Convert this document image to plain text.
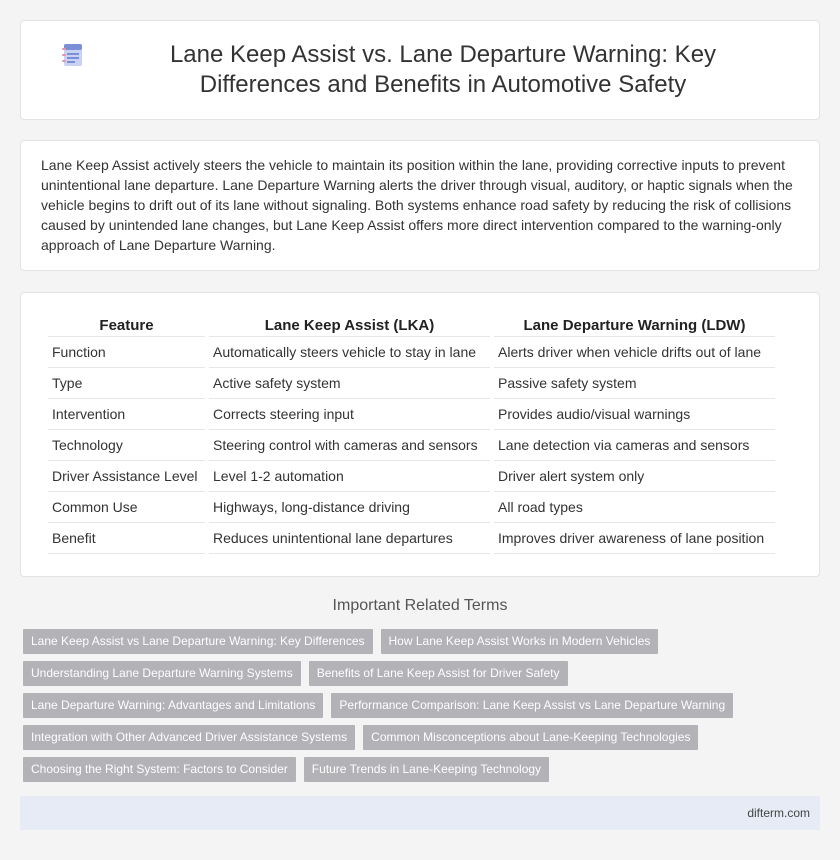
Lane Keep Assist vs. Lane Departure Warning: Key Differences and Benefits in Automotive Safety

Lane Keep Assist actively steers the vehicle to maintain its position within the lane, providing corrective inputs to prevent unintentional lane departure. Lane Departure Warning alerts the driver through visual, auditory, or haptic signals when the vehicle begins to drift out of its lane without signaling. Both systems enhance road safety by reducing the risk of collisions caused by unintended lane changes, but Lane Keep Assist offers more direct intervention compared to the warning-only approach of Lane Departure Warning.

Feature	Lane Keep Assist (LKA)	Lane Departure Warning (LDW)
Function	Automatically steers vehicle to stay in lane	Alerts driver when vehicle drifts out of lane
Type	Active safety system	Passive safety system
Intervention	Corrects steering input	Provides audio/visual warnings
Technology	Steering control with cameras and sensors	Lane detection via cameras and sensors
Driver Assistance Level	Level 1-2 automation	Driver alert system only
Common Use	Highways, long-distance driving	All road types
Benefit	Reduces unintentional lane departures	Improves driver awareness of lane position
Important Related Terms
Lane Keep Assist vs Lane Departure Warning: Key Differences	How Lane Keep Assist Works in Modern Vehicles
Understanding Lane Departure Warning Systems	Benefits of Lane Keep Assist for Driver Safety
Lane Departure Warning: Advantages and Limitations	Performance Comparison: Lane Keep Assist vs Lane Departure Warning
Integration with Other Advanced Driver Assistance Systems	Common Misconceptions about Lane-Keeping Technologies
Choosing the Right System: Factors to Consider	Future Trends in Lane-Keeping Technology
difterm.com
